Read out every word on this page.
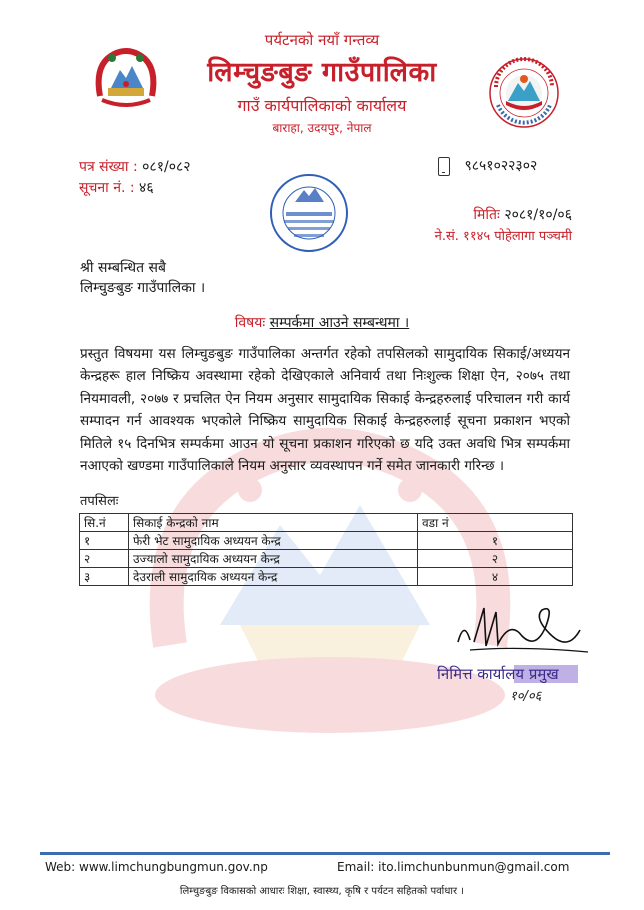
पर्यटनको नयाँ गन्तव्य
लिम्चुङबुङ गाउँपालिका
गाउँ कार्यपालिकाको कार्यालय
बाराहा, उदयपुर, नेपाल
पत्र संख्या : ०८१/०८२
सूचना नं. : ४६
९८५१०२२३०२
मितिः २०८१/१०/०६
ने.सं. ११४५ पोहेलागा पञ्चमी
श्री सम्बन्धित सबै
लिम्चुङबुङ गाउँपालिका ।
विषयः सम्पर्कमा आउने सम्बन्धमा ।
प्रस्तुत विषयमा यस लिम्चुङबुङ गाउँपालिका अन्तर्गत रहेको तपसिलको सामुदायिक सिकाई/अध्ययन केन्द्रहरू हाल निष्क्रिय अवस्थामा रहेको देखिएकाले अनिवार्य तथा निःशुल्क शिक्षा ऐन, २०७५ तथा नियमावली, २०७७ र प्रचलित ऐन नियम अनुसार सामुदायिक सिकाई केन्द्रहरुलाई परिचालन गरी कार्य सम्पादन गर्न आवश्यक भएकोले निष्क्रिय सामुदायिक सिकाई केन्द्रहरुलाई सूचना प्रकाशन भएको मितिले १५ दिनभित्र सम्पर्कमा आउन यो सूचना प्रकाशन गरिएको छ यदि उक्त अवधि भित्र सम्पर्कमा नआएको खण्डमा गाउँपालिकाले नियम अनुसार व्यवस्थापन गर्ने समेत जानकारी गरिन्छ ।
तपसिलः
सि.नं	सिकाई केन्द्रको नाम	वडा नं
१	फेरी भेट सामुदायिक अध्ययन केन्द्र	१
२	उज्यालो सामुदायिक अध्ययन केन्द्र	२
३	देउराली सामुदायिक अध्ययन केन्द्र	४
निमित्त कार्यालय प्रमुख
१०/०६
Web: www.limchungbungmun.gov.np	Email: ito.limchunbunmun@gmail.com
लिम्चुङबुङ विकासको आधारः शिक्षा, स्वास्थ्य, कृषि र पर्यटन सहितको पर्वाधार ।
